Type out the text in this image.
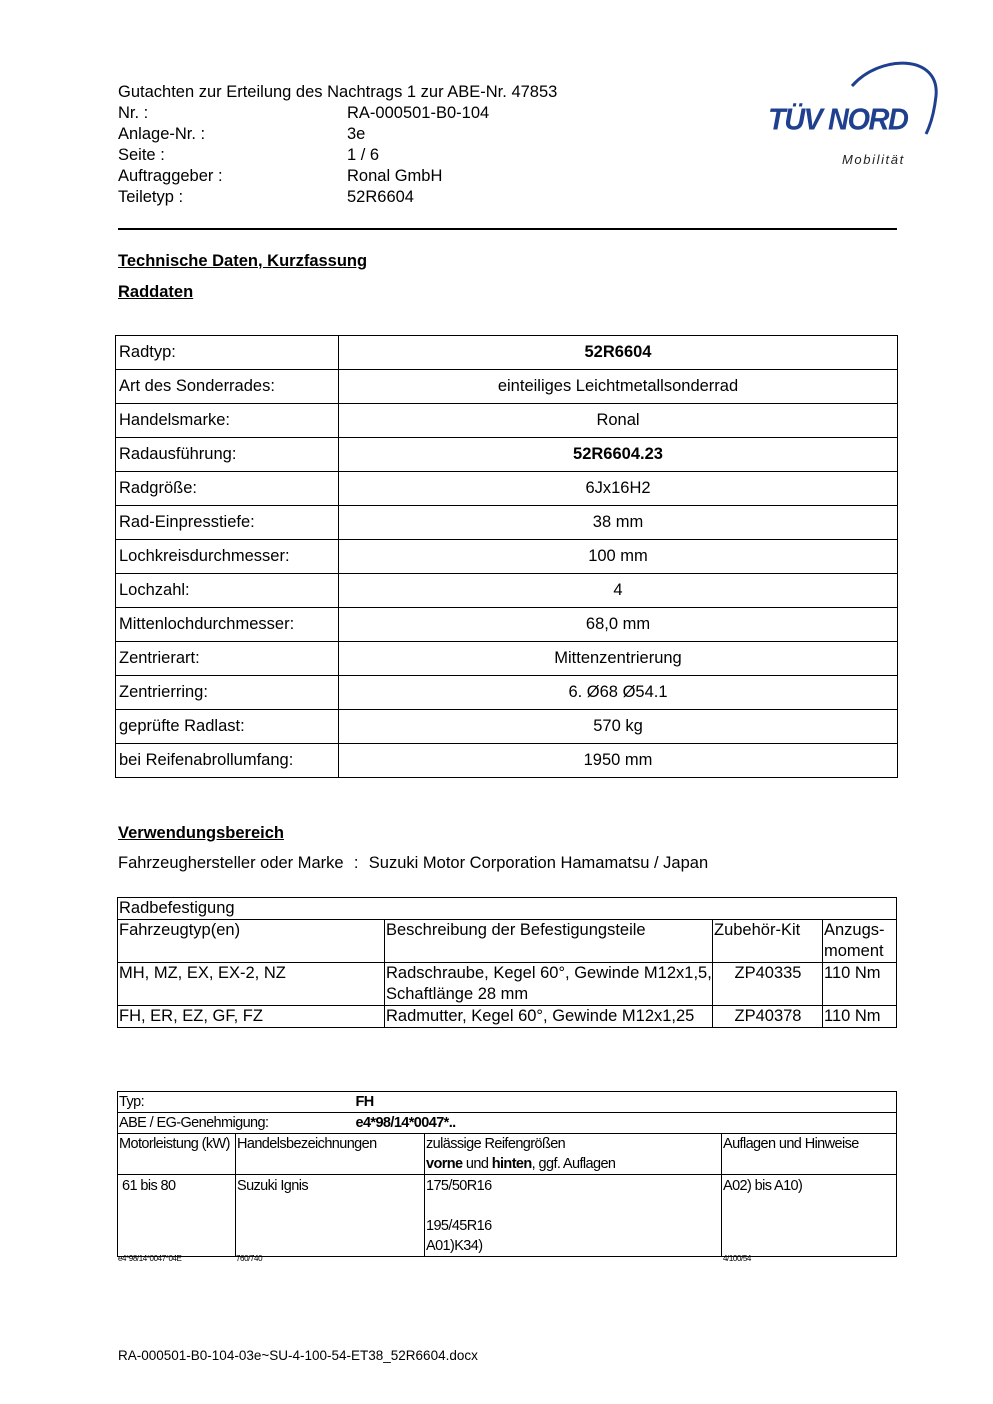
Gutachten zur Erteilung des Nachtrags 1 zur ABE-Nr. 47853
Nr. :	RA-000501-B0-104
Anlage-Nr. :	3e
Seite :	1 / 6
Auftraggeber :	Ronal GmbH
Teiletyp :	52R6604
TÜV NORD
Mobilität
Technische Daten, Kurzfassung
Raddaten
Radtyp:	52R6604
Art des Sonderrades:	einteiliges Leichtmetallsonderrad
Handelsmarke:	Ronal
Radausführung:	52R6604.23
Radgröße:	6Jx16H2
Rad-Einpresstiefe:	38 mm
Lochkreisdurchmesser:	100 mm
Lochzahl:	4
Mittenlochdurchmesser:	68,0 mm
Zentrierart:	Mittenzentrierung
Zentrierring:	6. Ø68 Ø54.1
geprüfte Radlast:	570 kg
bei Reifenabrollumfang:	1950 mm
Verwendungsbereich
Fahrzeughersteller oder Marke : Suzuki Motor Corporation Hamamatsu / Japan
Radbefestigung			
Fahrzeugtyp(en)	Beschreibung der Befestigungsteile	Zubehör-Kit	Anzugs-moment
MH, MZ, EX, EX-2, NZ	Radschraube, Kegel 60°, Gewinde M12x1,5, Schaftlänge 28 mm	ZP40335	110 Nm
FH, ER, EZ, GF, FZ	Radmutter, Kegel 60°, Gewinde M12x1,25	ZP40378	110 Nm
Typ: FH			

ABE / EG-Genehmigung: e4*98/14*0047*..			

Motorleistung (kW)	Handelsbezeichnungen	zulässige Reifengrößen
vorne und hinten, ggf. Auflagen	Auflagen und Hinweise
61 bis 80	Suzuki Ignis	175/50R16
195/45R16
A01)K34)	A02) bis A10)
e4*98/14*0047*04E	760/740	4/100/54
RA-000501-B0-104-03e~SU-4-100-54-ET38_52R6604.docx
